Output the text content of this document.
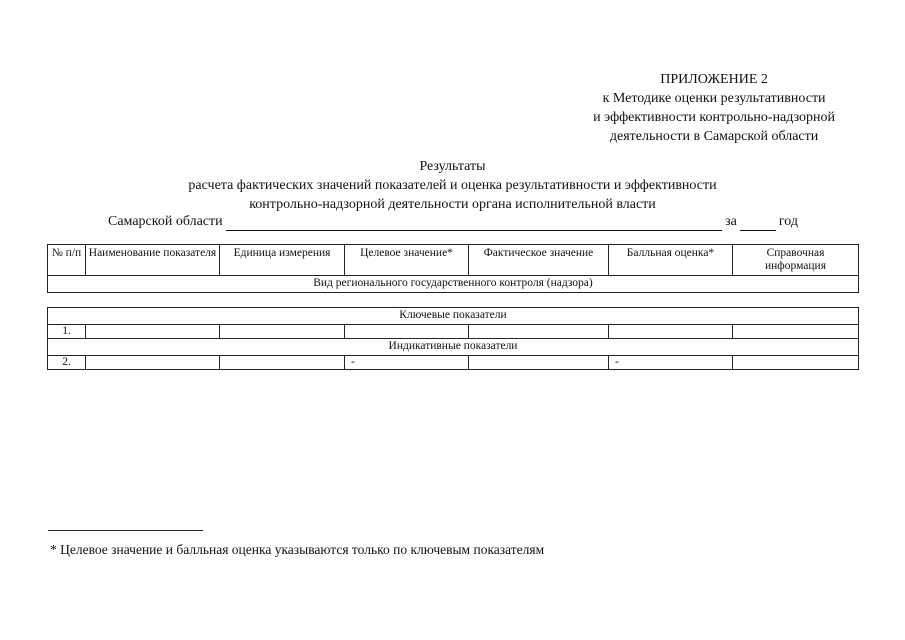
ПРИЛОЖЕНИЕ 2
к Методике оценки результативности
и эффективности контрольно-надзорной
деятельности в Самарской области
Результаты
расчета фактических значений показателей и оценка результативности и эффективности
контрольно-надзорной деятельности органа исполнительной власти
Самарской области	за	год
№ п/п	Наименование показателя	Единица измерения	Целевое значение*	Фактическое значение	Балльная оценка*	Справочная информация
Вид регионального государственного контроля (надзора)						

Ключевые показатели						
1.						
Индикативные показатели						
2.			-		-	
* Целевое значение и балльная оценка указываются только по ключевым показателям
